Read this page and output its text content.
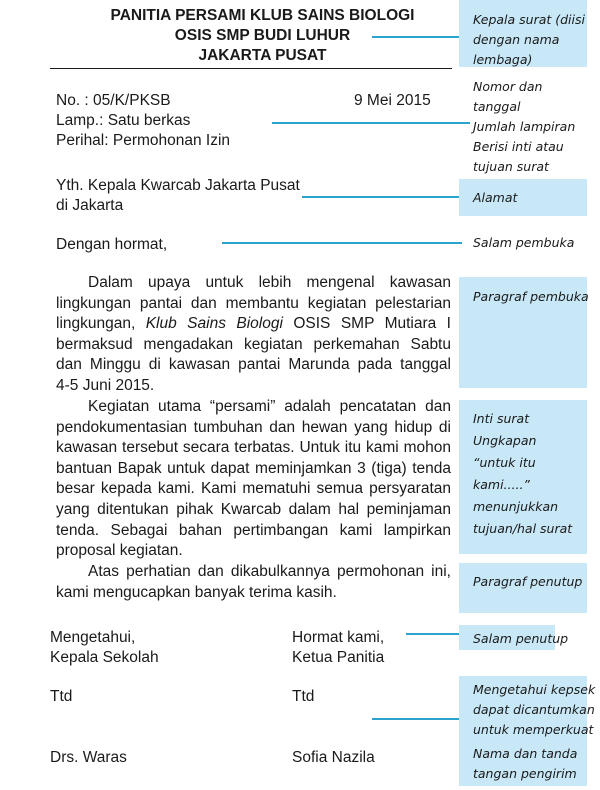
PANITIA PERSAMI KLUB SAINS BIOLOGI
OSIS SMP BUDI LUHUR
JAKARTA PUSAT
No. : 05/K/PKSB	9 Mei 2015
Lamp.: Satu berkas
Perihal: Permohonan Izin
Yth. Kepala Kwarcab Jakarta Pusat
di Jakarta
Dengan hormat,
Dalam upaya untuk lebih mengenal kawasan
lingkungan pantai dan membantu kegiatan pelestarian
lingkungan, Klub Sains Biologi OSIS SMP Mutiara I
bermaksud mengadakan kegiatan perkemahan Sabtu
dan Minggu di kawasan pantai Marunda pada tanggal
4-5 Juni 2015.
Kegiatan utama “persami” adalah pencatatan dan
pendokumentasian tumbuhan dan hewan yang hidup di
kawasan tersebut secara terbatas. Untuk itu kami mohon
bantuan Bapak untuk dapat meminjamkan 3 (tiga) tenda
besar kepada kami. Kami mematuhi semua persyaratan
yang ditentukan pihak Kwarcab dalam hal peminjaman
tenda. Sebagai bahan pertimbangan kami lampirkan
proposal kegiatan.
Atas perhatian dan dikabulkannya permohonan ini,
kami mengucapkan banyak terima kasih.
Mengetahui,
Kepala Sekolah
Ttd
Drs. Waras
Hormat kami,
Ketua Panitia
Ttd
Sofia Nazila
Kepala surat (diisi
dengan nama
lembaga)
Nomor dan
tanggal
Jumlah lampiran
Berisi inti atau
tujuan surat
Alamat
Salam pembuka
Paragraf pembuka
Inti surat
Ungkapan
“untuk itu
kami.....”
menunjukkan
tujuan/hal surat
Paragraf penutup
Salam penutup
Mengetahui kepsek
dapat dicantumkan
untuk memperkuat
Nama dan tanda
tangan pengirim
